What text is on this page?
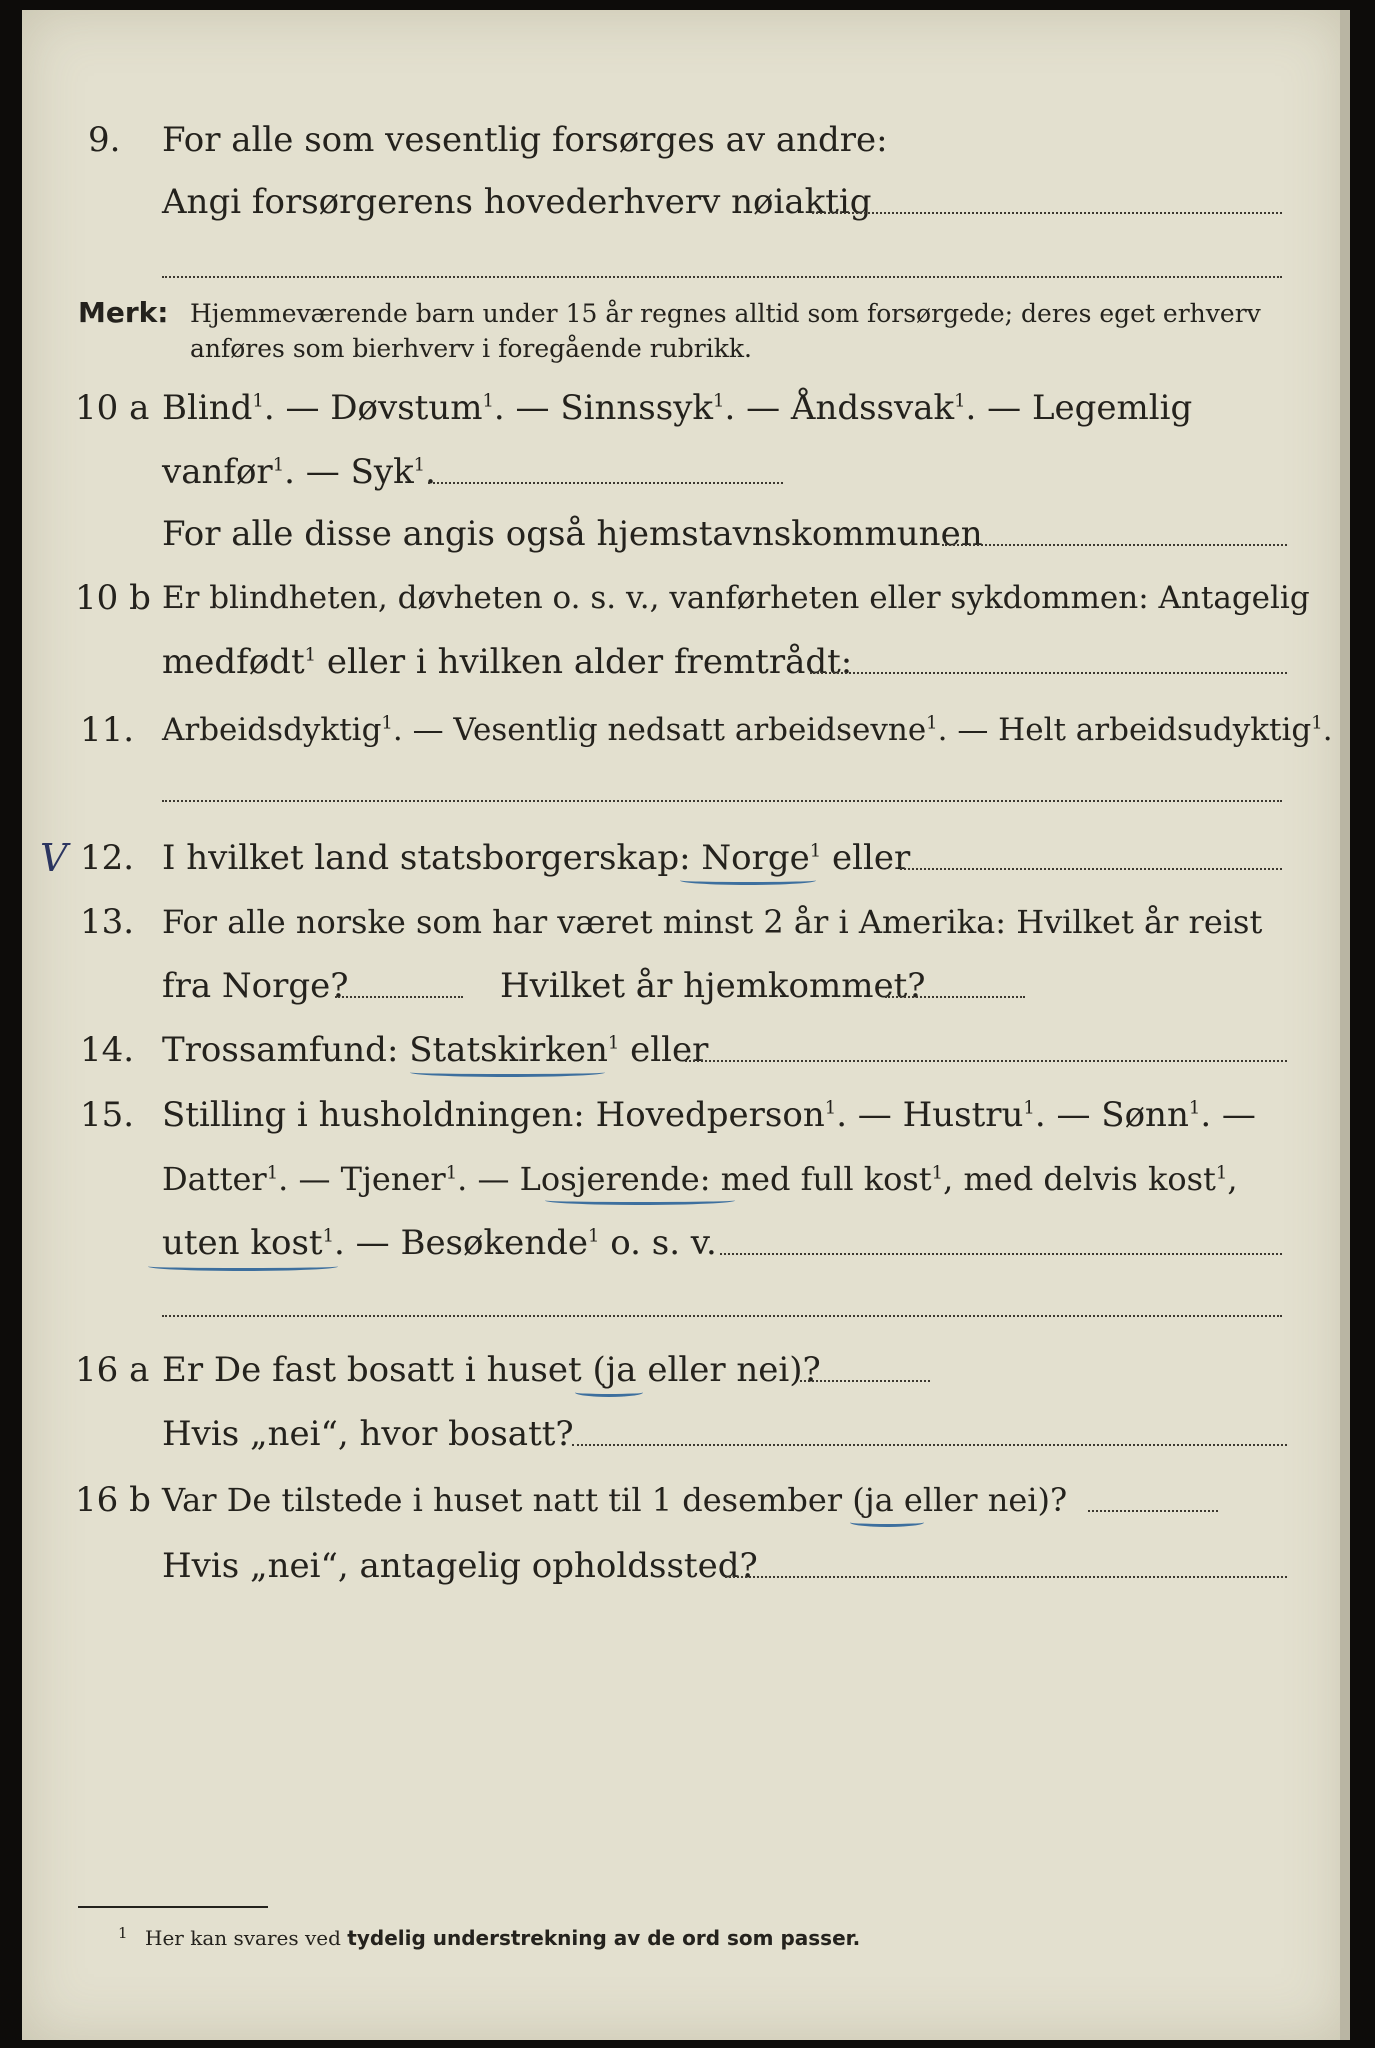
9. For alle som vesentlig forsørges av andre:
Angi forsørgerens hovederhverv nøiaktig
Merk: Hjemmeværende barn under 15 år regnes alltid som forsørgede; deres eget erhverv
anføres som bierhverv i foregående rubrikk.
10 a Blind$^1$. — Døvstum$^1$. — Sinnssyk$^1$. — Åndssvak$^1$. — Legemlig
vanfør$^1$. — Syk$^1$.
For alle disse angis også hjemstavnskommunen
10 b Er blindheten, døvheten o. s. v., vanførheten eller sykdommen: Antagelig
medfødt$^1$ eller i hvilken alder fremtrådt:
11. Arbeidsdyktig$^1$. — Vesentlig nedsatt arbeidsevne$^1$. — Helt arbeidsudyktig$^1$.
V 12. I hvilket land statsborgerskap: Norge$^1$ eller
13. For alle norske som har været minst 2 år i Amerika: Hvilket år reist
fra Norge?	Hvilket år hjemkommet?
14. Trossamfund: Statskirken$^1$ eller
15. Stilling i husholdningen: Hovedperson$^1$. — Hustru$^1$. — Sønn$^1$. —
Datter$^1$. — Tjener$^1$. — Losjerende: med full kost$^1$, med delvis kost$^1$,
uten kost$^1$. — Besøkende$^1$ o. s. v.
16 a Er De fast bosatt i huset (ja eller nei)?
Hvis „nei“, hvor bosatt?
16 b Var De tilstede i huset natt til 1 desember (ja eller nei)?
Hvis „nei“, antagelig opholdssted?
1 Her kan svares ved tydelig understrekning av de ord som passer.
